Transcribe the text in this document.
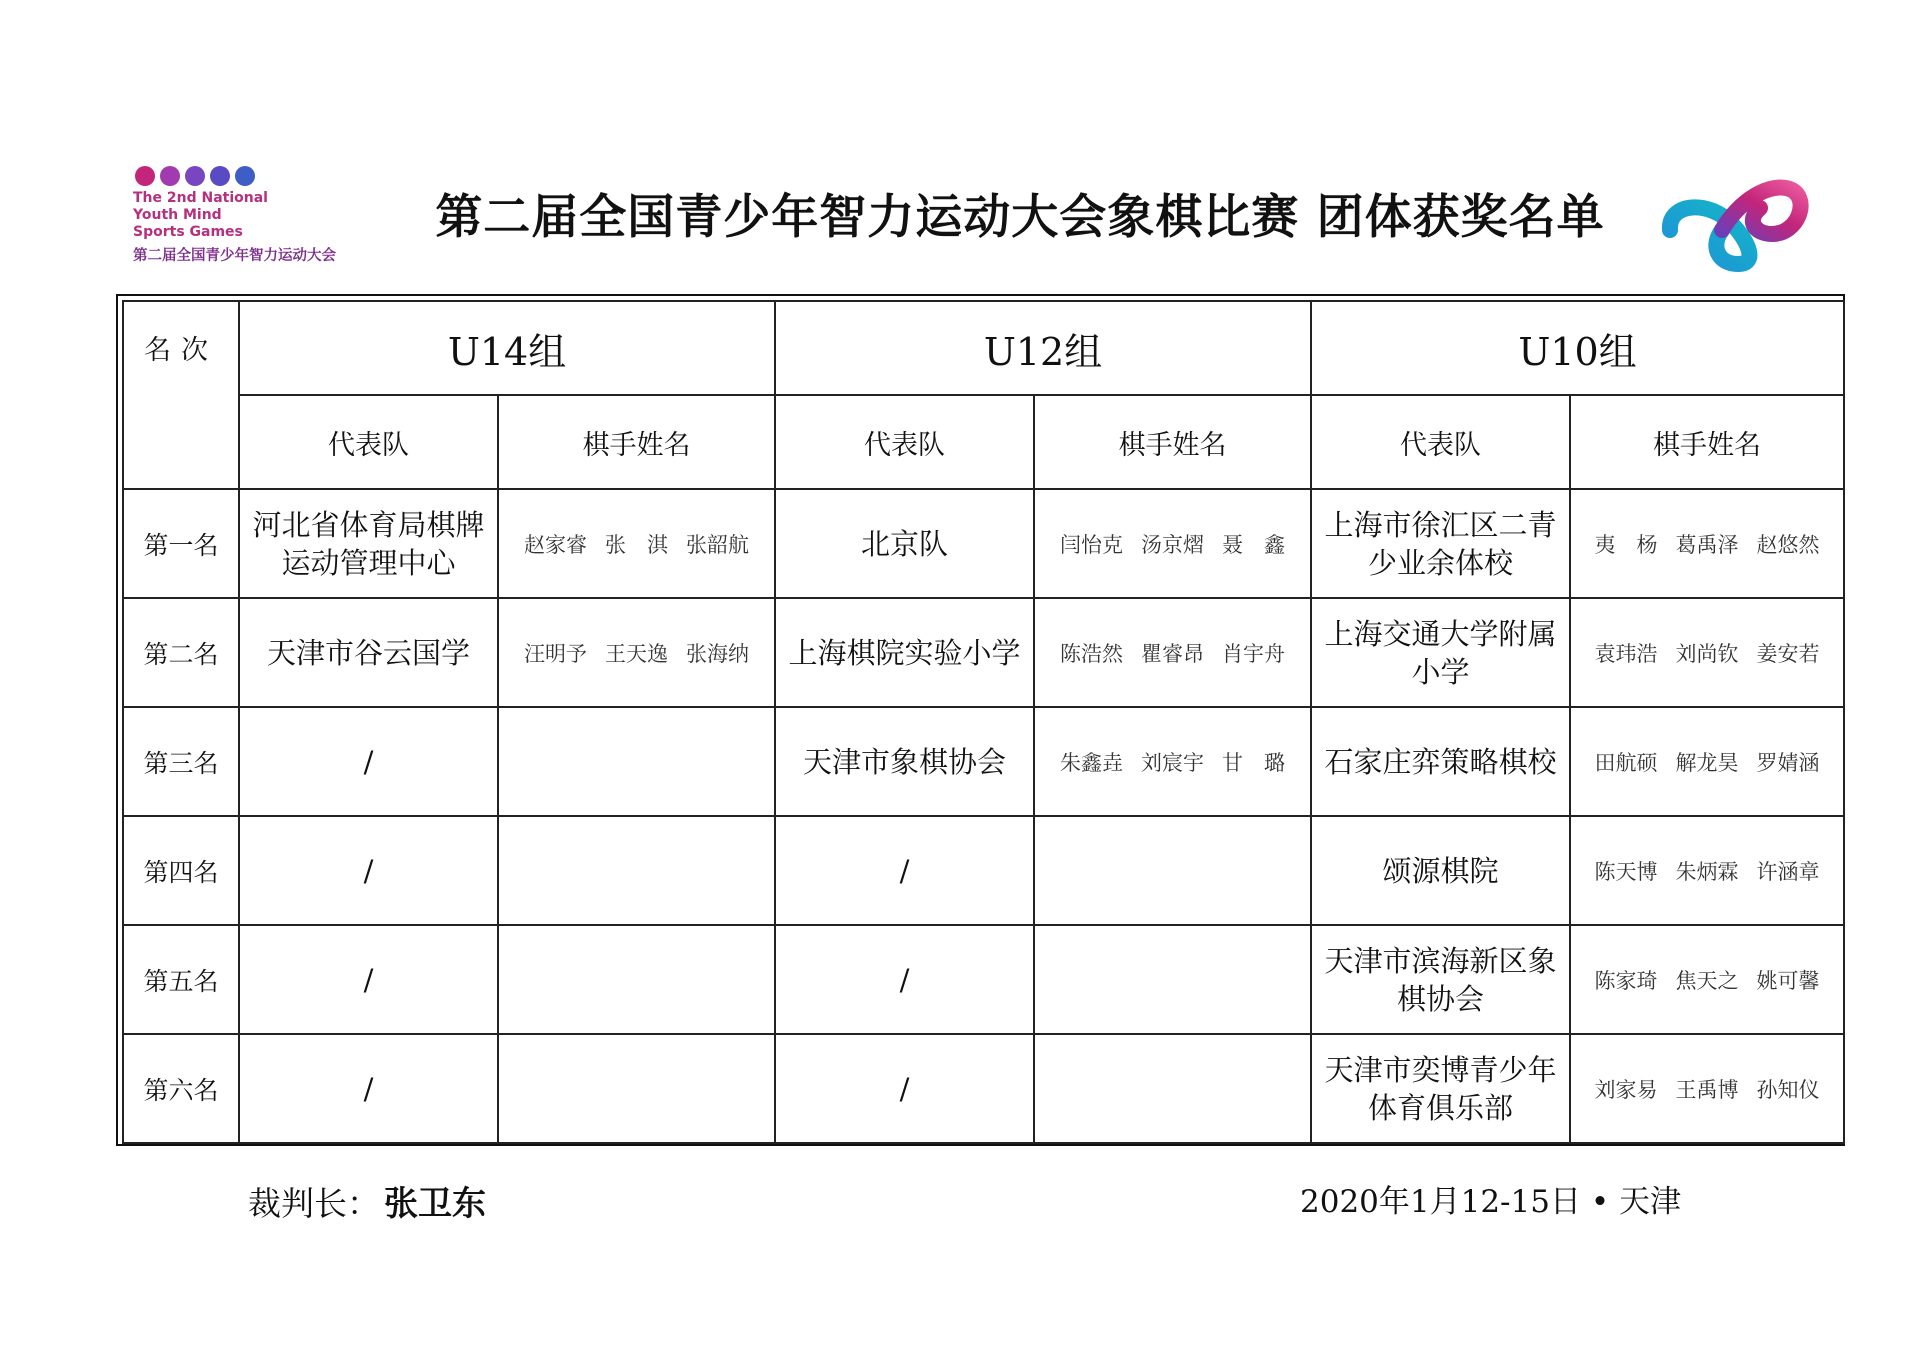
The 2nd National
Youth Mind
Sports Games
第二届全国青少年智力运动大会
第二届全国青少年智力运动大会象棋比赛 团体获奖名单
名次	U14组		U12组		U10组	
	代表队	棋手姓名	代表队	棋手姓名	代表队	棋手姓名
第一名	河北省体育局棋牌运动管理中心	赵家睿 张　淇 张韶航	北京队	闫怡克 汤京熠 聂　鑫	上海市徐汇区二青少业余体校	夷　杨 葛禹泽 赵悠然
第二名	天津市谷云国学	汪明予 王天逸 张海纳	上海棋院实验小学	陈浩然 瞿睿昂 肖宇舟	上海交通大学附属小学	袁玮浩 刘尚钦 姜安若
第三名	/		天津市象棋协会	朱鑫垚 刘宸宇 甘　璐	石家庄弈策略棋校	田航硕 解龙昊 罗婧涵
第四名	/		/		颂源棋院	陈天博 朱炳霖 许涵章
第五名	/		/		天津市滨海新区象棋协会	陈家琦 焦天之 姚可馨
第六名	/		/		天津市奕博青少年体育俱乐部	刘家易 王禹博 孙知仪
裁判长： 张卫东	2020年1月12-15日 • 天津
